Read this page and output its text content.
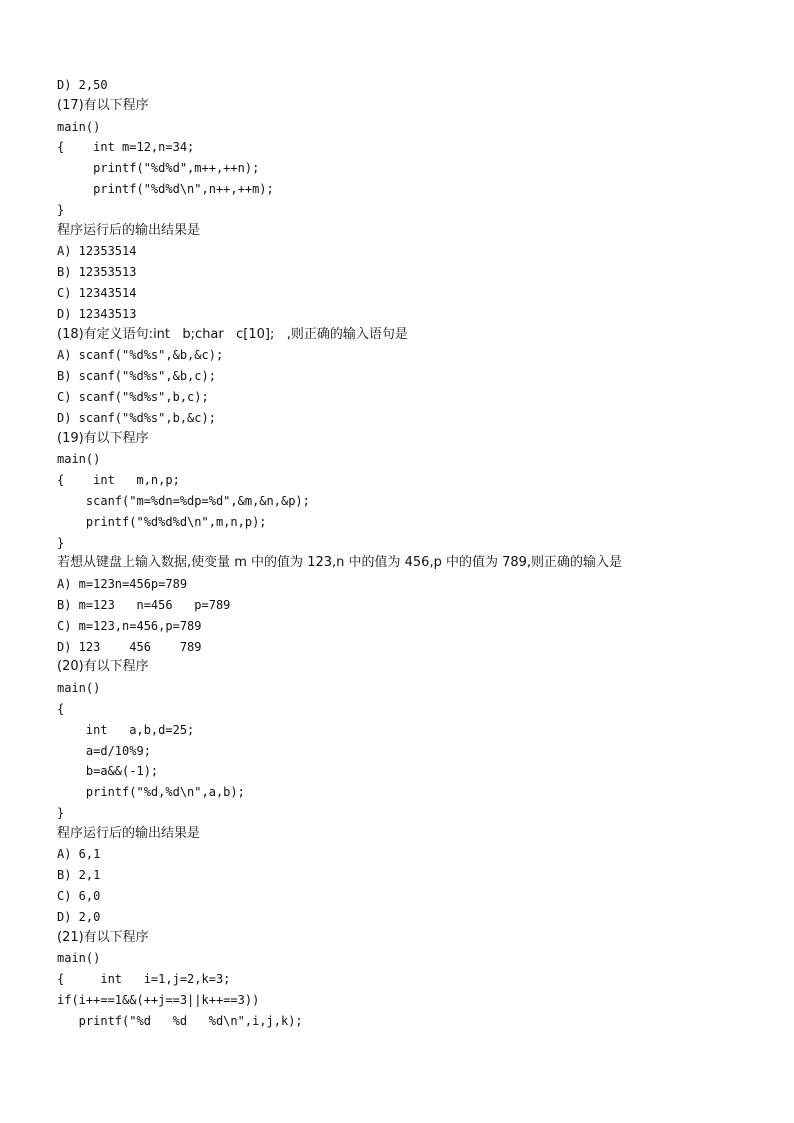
D) 2,50
(17)有以下程序
main()
{    int m=12,n=34;
printf("%d%d",m++,++n);
printf("%d%d\n",n++,++m);
}
程序运行后的输出结果是
A) 12353514
B) 12353513
C) 12343514
D) 12343513
(18)有定义语句:int   b;char   c[10];   ,则正确的输入语句是
A) scanf("%d%s",&b,&c);
B) scanf("%d%s",&b,c);
C) scanf("%d%s",b,c);
D) scanf("%d%s",b,&c);
(19)有以下程序
main()
{    int   m,n,p;
scanf("m=%dn=%dp=%d",&m,&n,&p);
printf("%d%d%d\n",m,n,p);
}
若想从键盘上输入数据,使变量 m 中的值为 123,n 中的值为 456,p 中的值为 789,则正确的输入是
A) m=123n=456p=789
B) m=123   n=456   p=789
C) m=123,n=456,p=789
D) 123    456    789
(20)有以下程序
main()
{
int   a,b,d=25;
a=d/10%9;
b=a&&(-1);
printf("%d,%d\n",a,b);
}
程序运行后的输出结果是
A) 6,1
B) 2,1
C) 6,0
D) 2,0
(21)有以下程序
main()
{     int   i=1,j=2,k=3;
if(i++==1&&(++j==3||k++==3))
printf("%d   %d   %d\n",i,j,k);
